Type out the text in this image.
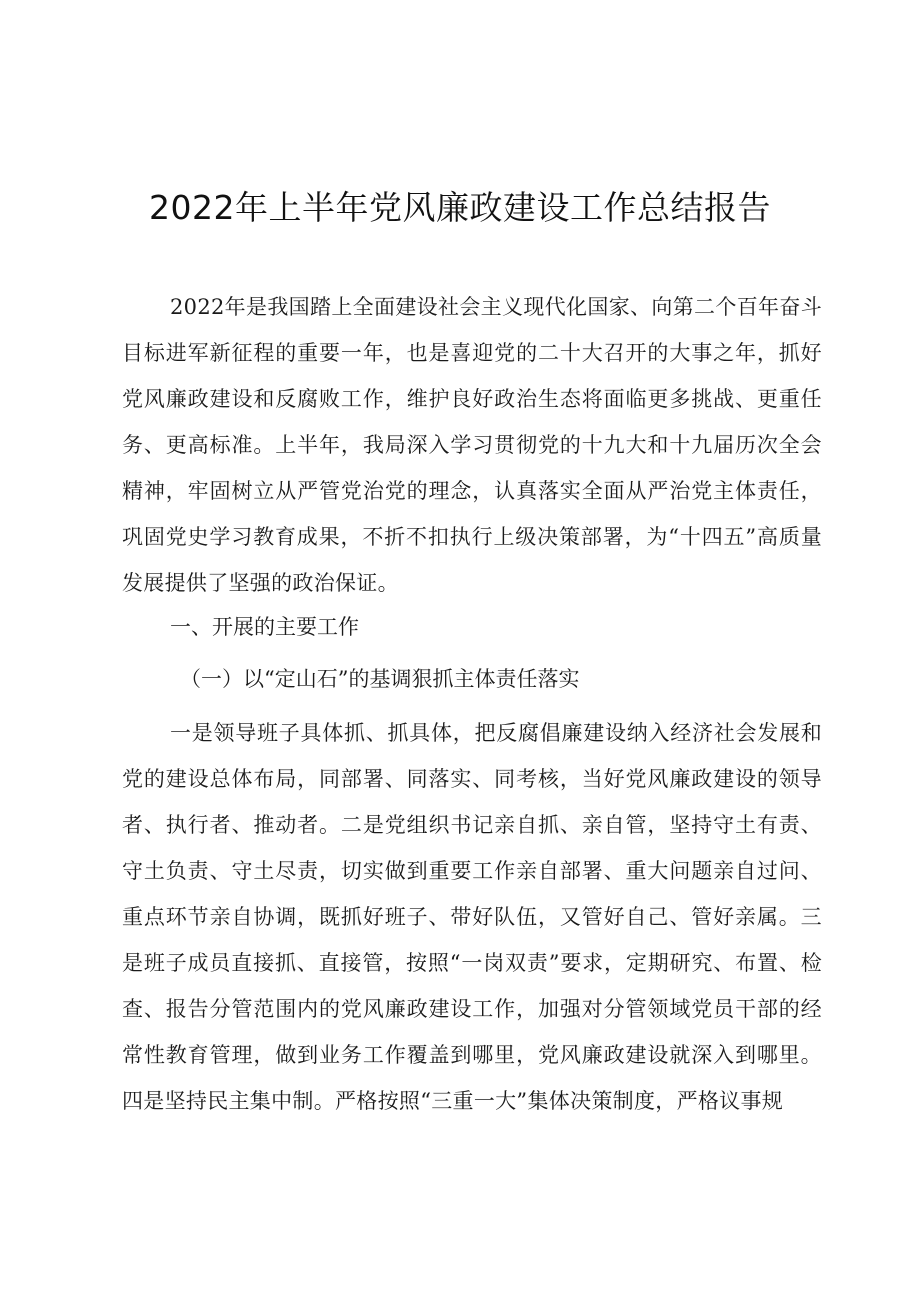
2022年上半年党风廉政建设工作总结报告

2022年是我国踏上全面建设社会主义现代化国家、向第二个百年奋斗目标进军新征程的重要一年，也是喜迎党的二十大召开的大事之年，抓好党风廉政建设和反腐败工作，维护良好政治生态将面临更多挑战、更重任务、更高标准。上半年，我局深入学习贯彻党的十九大和十九届历次全会精神，牢固树立从严管党治党的理念，认真落实全面从严治党主体责任，巩固党史学习教育成果，不折不扣执行上级决策部署，为“十四五”高质量发展提供了坚强的政治保证。

一、开展的主要工作
（一）以“定山石”的基调狠抓主体责任落实

一是领导班子具体抓、抓具体，把反腐倡廉建设纳入经济社会发展和党的建设总体布局，同部署、同落实、同考核，当好党风廉政建设的领导者、执行者、推动者。二是党组织书记亲自抓、亲自管，坚持守土有责、守土负责、守土尽责，切实做到重要工作亲自部署、重大问题亲自过问、重点环节亲自协调，既抓好班子、带好队伍，又管好自己、管好亲属。三是班子成员直接抓、直接管，按照“一岗双责”要求，定期研究、布置、检查、报告分管范围内的党风廉政建设工作，加强对分管领域党员干部的经常性教育管理，做到业务工作覆盖到哪里，党风廉政建设就深入到哪里。四是坚持民主集中制。严格按照“三重一大”集体决策制度，严格议事规
